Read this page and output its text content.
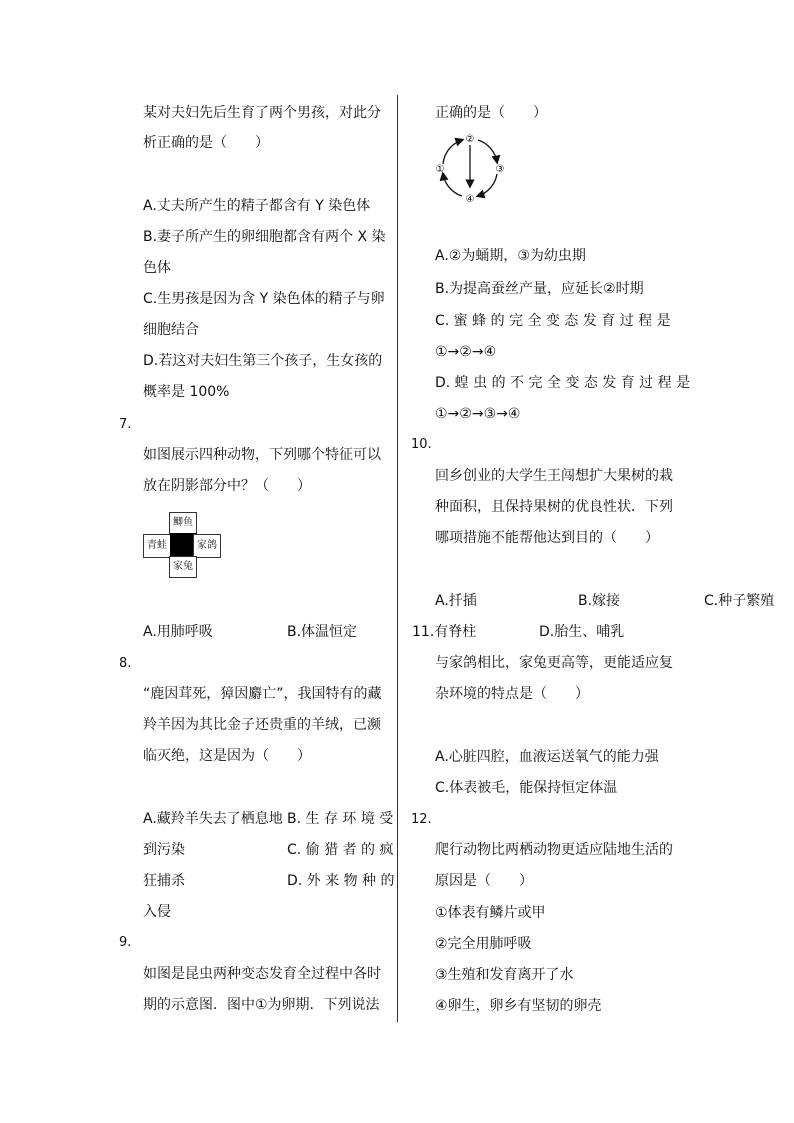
某对夫妇先后生育了两个男孩，对此分
析正确的是（　　）
A.丈夫所产生的精子都含有 Y 染色体
B.妻子所产生的卵细胞都含有两个 X 染
色体
C.生男孩是因为含 Y 染色体的精子与卵
细胞结合
D.若这对夫妇生第三个孩子，生女孩的
概率是 100%
7.
如图展示四种动物，下列哪个特征可以
放在阴影部分中？（　　）
鲫鱼
青蛙	家鸽
家兔
A.用肺呼吸	B.体温恒定
8.
“鹿因茸死，獐因麝亡”，我国特有的藏
羚羊因为其比金子还贵重的羊绒，已濒
临灭绝，这是因为（　　）
A.藏羚羊失去了栖息地 B. 生 存 环 境 受
到污染	C. 偷 猎 者 的 疯
狂捕杀	D. 外 来 物 种 的
入侵
9.
如图是昆虫两种变态发育全过程中各时
期的示意图．图中①为卵期．下列说法
正确的是（　　）
②
①	③
④
A.②为蛹期，③为幼虫期
B.为提高蚕丝产量，应延长②时期
C. 蜜 蜂 的 完 全 变 态 发 育 过 程 是
①→②→④
D. 蝗 虫 的 不 完 全 变 态 发 育 过 程 是
①→②→③→④
10.
回乡创业的大学生王闯想扩大果树的栽
种面积，且保持果树的优良性状．下列
哪项措施不能帮他达到目的（　　）
A.扦插	B.嫁接	C.种子繁殖
11.有脊柱	D.胎生、哺乳
与家鸽相比，家兔更高等，更能适应复
杂环境的特点是（　　）
A.心脏四腔，血液运送氧气的能力强
C.体表被毛，能保持恒定体温
12.
爬行动物比两栖动物更适应陆地生活的
原因是（　　）
①体表有鳞片或甲
②完全用肺呼吸
③生殖和发育离开了水
④卵生，卵乡有坚韧的卵壳
